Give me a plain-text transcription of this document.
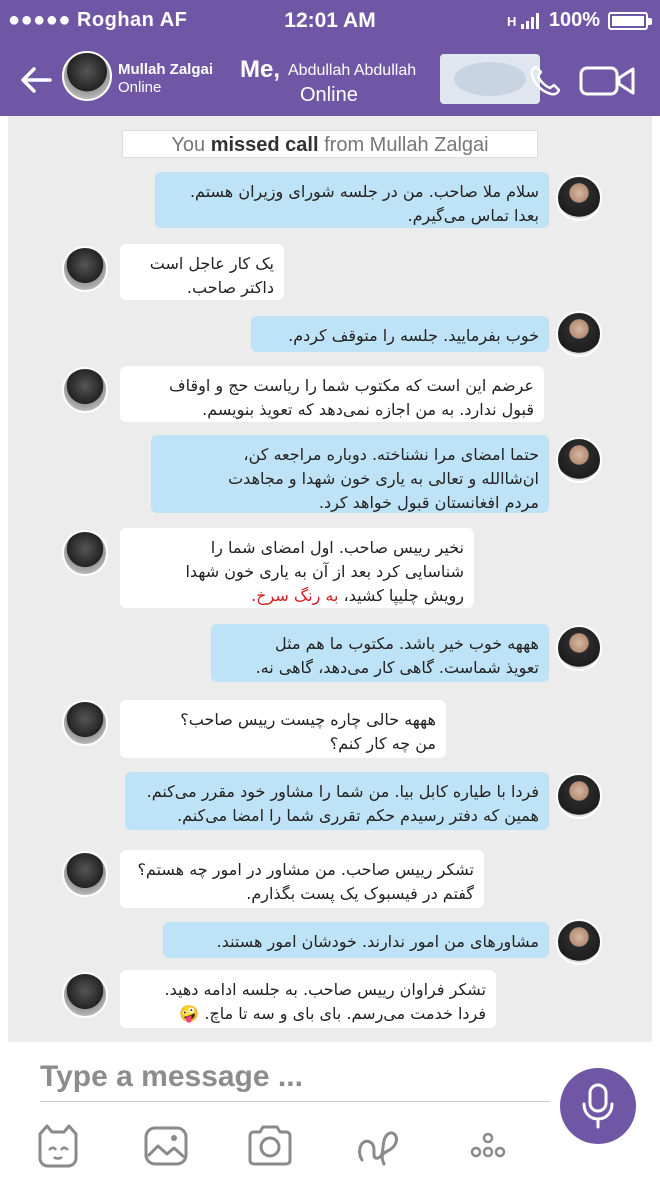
●●●●● Roghan AF	12:01 AM	H 100%
Mullah Zalgai
Online
Me, Abdullah Abdullah
Online
You missed call from Mullah Zalgai
سلام ملا صاحب. من در جلسه شورای وزیران هستم.
بعدا تماس می‌گیرم.
یک کار عاجل است
داکتر صاحب.
خوب بفرمایید. جلسه را متوقف کردم.
عرضم این است که مکتوب شما را ریاست حج و اوقاف
قبول ندارد. به من اجازه نمی‌دهد که تعویذ بنویسم.
حتما امضای مرا نشناخته. دوباره مراجعه کن،
ان‌شاالله و تعالی به یاری خون شهدا و مجاهدت
مردم افغانستان قبول خواهد کرد.
نخیر رییس صاحب. اول امضای شما را
شناسایی کرد بعد از آن به یاری خون شهدا
رویش چلیپا کشید، به رنگ سرخ.
هههه خوب خیر باشد. مکتوب ما هم مثل
تعویذ شماست. گاهی کار می‌دهد، گاهی نه.
هههه حالی چاره چیست رییس صاحب؟
من چه کار کنم؟
فردا با طیاره کابل بیا. من شما را مشاور خود مقرر می‌کنم.
همین که دفتر رسیدم حکم تقرری شما را امضا می‌کنم.
تشکر رییس صاحب. من مشاور در امور چه هستم؟
گفتم در فیسبوک یک پست بگذارم.
مشاورهای من امور ندارند. خودشان امور هستند.
تشکر فراوان رییس صاحب. به جلسه ادامه دهید.
فردا خدمت می‌رسم. بای بای و سه تا ماچ. 🤪
Type a message ...
